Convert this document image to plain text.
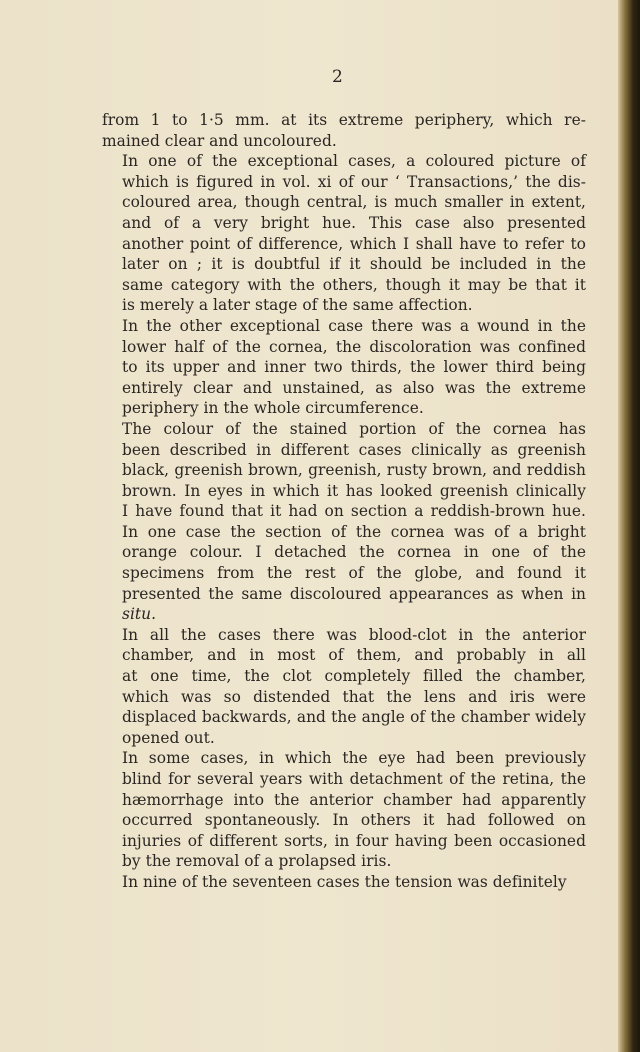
2
from 1 to 1·5 mm. at its extreme periphery, which re-
mained clear and uncoloured.
In one of the exceptional cases, a coloured picture of
which is figured in vol. xi of our ‘ Transactions,’ the dis-
coloured area, though central, is much smaller in extent,
and of a very bright hue. This case also presented
another point of difference, which I shall have to refer to
later on ; it is doubtful if it should be included in the
same category with the others, though it may be that it
is merely a later stage of the same affection.
In the other exceptional case there was a wound in the
lower half of the cornea, the discoloration was confined
to its upper and inner two thirds, the lower third being
entirely clear and unstained, as also was the extreme
periphery in the whole circumference.
The colour of the stained portion of the cornea has
been described in different cases clinically as greenish
black, greenish brown, greenish, rusty brown, and reddish
brown. In eyes in which it has looked greenish clinically
I have found that it had on section a reddish-brown hue.
In one case the section of the cornea was of a bright
orange colour. I detached the cornea in one of the
specimens from the rest of the globe, and found it
presented the same discoloured appearances as when in
situ.
In all the cases there was blood-clot in the anterior
chamber, and in most of them, and probably in all
at one time, the clot completely filled the chamber,
which was so distended that the lens and iris were
displaced backwards, and the angle of the chamber widely
opened out.
In some cases, in which the eye had been previously
blind for several years with detachment of the retina, the
hæmorrhage into the anterior chamber had apparently
occurred spontaneously. In others it had followed on
injuries of different sorts, in four having been occasioned
by the removal of a prolapsed iris.
In nine of the seventeen cases the tension was definitely
